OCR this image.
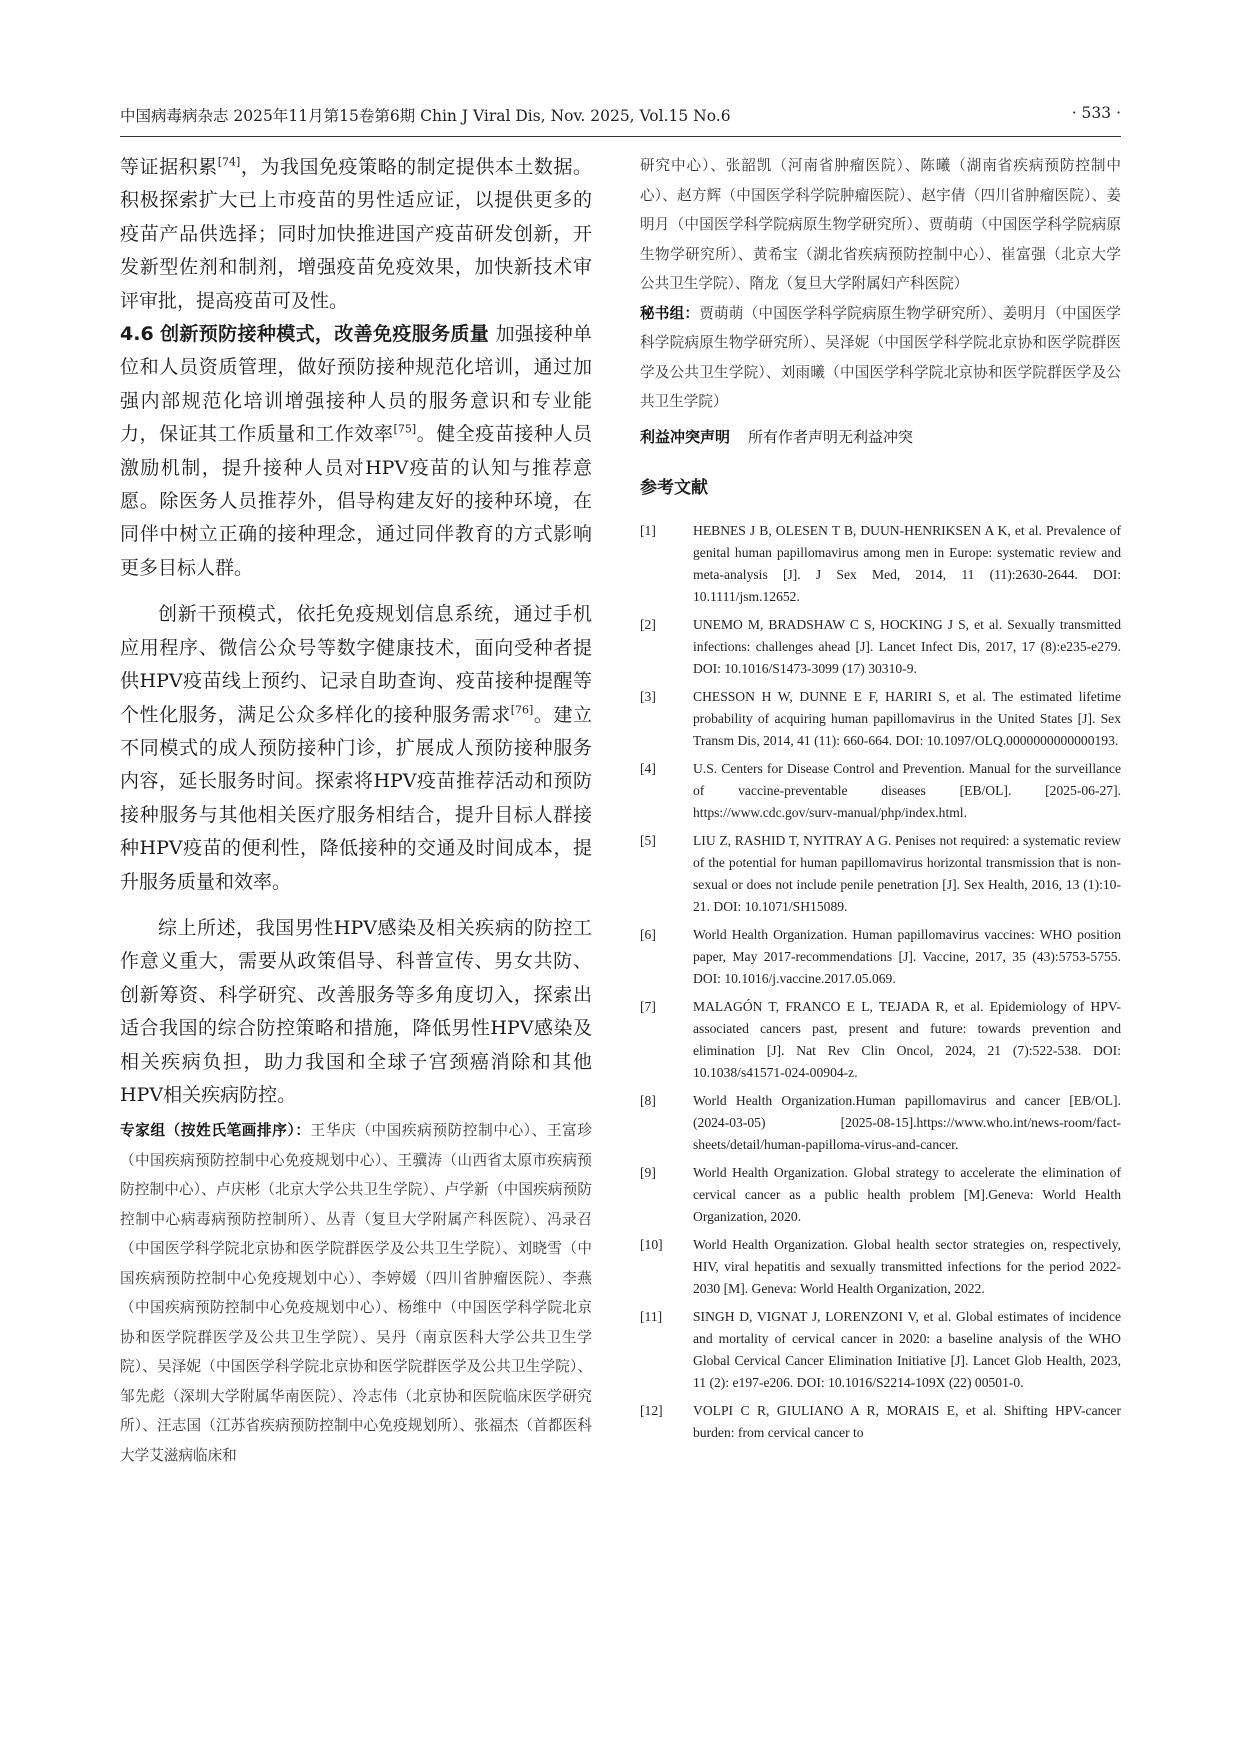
中国病毒病杂志 2025年11月第15卷第6期 Chin J Viral Dis, Nov. 2025, Vol.15 No.6	· 533 ·

等证据积累[74]，为我国免疫策略的制定提供本土数据。积极探索扩大已上市疫苗的男性适应证，以提供更多的疫苗产品供选择；同时加快推进国产疫苗研发创新，开发新型佐剂和制剂，增强疫苗免疫效果，加快新技术审评审批，提高疫苗可及性。

4.6 创新预防接种模式，改善免疫服务质量 加强接种单位和人员资质管理，做好预防接种规范化培训，通过加强内部规范化培训增强接种人员的服务意识和专业能力，保证其工作质量和工作效率[75]。健全疫苗接种人员激励机制，提升接种人员对HPV疫苗的认知与推荐意愿。除医务人员推荐外，倡导构建友好的接种环境，在同伴中树立正确的接种理念，通过同伴教育的方式影响更多目标人群。

创新干预模式，依托免疫规划信息系统，通过手机应用程序、微信公众号等数字健康技术，面向受种者提供HPV疫苗线上预约、记录自助查询、疫苗接种提醒等个性化服务，满足公众多样化的接种服务需求[76]。建立不同模式的成人预防接种门诊，扩展成人预防接种服务内容，延长服务时间。探索将HPV疫苗推荐活动和预防接种服务与其他相关医疗服务相结合，提升目标人群接种HPV疫苗的便利性，降低接种的交通及时间成本，提升服务质量和效率。

综上所述，我国男性HPV感染及相关疾病的防控工作意义重大，需要从政策倡导、科普宣传、男女共防、创新筹资、科学研究、改善服务等多角度切入，探索出适合我国的综合防控策略和措施，降低男性HPV感染及相关疾病负担，助力我国和全球子宫颈癌消除和其他HPV相关疾病防控。

专家组（按姓氏笔画排序）：王华庆（中国疾病预防控制中心）、王富珍（中国疾病预防控制中心免疫规划中心）、王骥涛（山西省太原市疾病预防控制中心）、卢庆彬（北京大学公共卫生学院）、卢学新（中国疾病预防控制中心病毒病预防控制所）、丛青（复旦大学附属产科医院）、冯录召（中国医学科学院北京协和医学院群医学及公共卫生学院）、刘晓雪（中国疾病预防控制中心免疫规划中心）、李婷媛（四川省肿瘤医院）、李燕（中国疾病预防控制中心免疫规划中心）、杨维中（中国医学科学院北京协和医学院群医学及公共卫生学院）、吴丹（南京医科大学公共卫生学院）、吴泽妮（中国医学科学院北京协和医学院群医学及公共卫生学院）、邹先彪（深圳大学附属华南医院）、冷志伟（北京协和医院临床医学研究所）、汪志国（江苏省疾病预防控制中心免疫规划所）、张福杰（首都医科大学艾滋病临床和

研究中心）、张韶凯（河南省肿瘤医院）、陈曦（湖南省疾病预防控制中心）、赵方辉（中国医学科学院肿瘤医院）、赵宇倩（四川省肿瘤医院）、姜明月（中国医学科学院病原生物学研究所）、贾萌萌（中国医学科学院病原生物学研究所）、黄希宝（湖北省疾病预防控制中心）、崔富强（北京大学公共卫生学院）、隋龙（复旦大学附属妇产科医院）

秘书组：贾萌萌（中国医学科学院病原生物学研究所）、姜明月（中国医学科学院病原生物学研究所）、吴泽妮（中国医学科学院北京协和医学院群医学及公共卫生学院）、刘雨曦（中国医学科学院北京协和医学院群医学及公共卫生学院）

利益冲突声明 所有作者声明无利益冲突

参考文献
[1]	HEBNES J B, OLESEN T B, DUUN-HENRIKSEN A K, et al. Prevalence of genital human papillomavirus among men in Europe: systematic review and meta-analysis [J]. J Sex Med, 2014, 11 (11):2630-2644. DOI: 10.1111/jsm.12652.
[2]	UNEMO M, BRADSHAW C S, HOCKING J S, et al. Sexually transmitted infections: challenges ahead [J]. Lancet Infect Dis, 2017, 17 (8):e235-e279. DOI: 10.1016/S1473-3099 (17) 30310-9.
[3]	CHESSON H W, DUNNE E F, HARIRI S, et al. The estimated lifetime probability of acquiring human papillomavirus in the United States [J]. Sex Transm Dis, 2014, 41 (11): 660-664. DOI: 10.1097/OLQ.0000000000000193.
[4]	U.S. Centers for Disease Control and Prevention. Manual for the surveillance of vaccine-preventable diseases [EB/OL]. [2025-06-27]. https://www.cdc.gov/surv-manual/php/index.html.
[5]	LIU Z, RASHID T, NYITRAY A G. Penises not required: a systematic review of the potential for human papillomavirus horizontal transmission that is non-sexual or does not include penile penetration [J]. Sex Health, 2016, 13 (1):10-21. DOI: 10.1071/SH15089.
[6]	World Health Organization. Human papillomavirus vaccines: WHO position paper, May 2017-recommendations [J]. Vaccine, 2017, 35 (43):5753-5755. DOI: 10.1016/j.vaccine.2017.05.069.
[7]	MALAGÓN T, FRANCO E L, TEJADA R, et al. Epidemiology of HPV-associated cancers past, present and future: towards prevention and elimination [J]. Nat Rev Clin Oncol, 2024, 21 (7):522-538. DOI: 10.1038/s41571-024-00904-z.
[8]	World Health Organization.Human papillomavirus and cancer [EB/OL]. (2024-03-05) [2025-08-15].https://www.who.int/news-room/fact-sheets/detail/human-papilloma-virus-and-cancer.
[9]	World Health Organization. Global strategy to accelerate the elimination of cervical cancer as a public health problem [M].Geneva: World Health Organization, 2020.
[10]	World Health Organization. Global health sector strategies on, respectively, HIV, viral hepatitis and sexually transmitted infections for the period 2022-2030 [M]. Geneva: World Health Organization, 2022.
[11]	SINGH D, VIGNAT J, LORENZONI V, et al. Global estimates of incidence and mortality of cervical cancer in 2020: a baseline analysis of the WHO Global Cervical Cancer Elimination Initiative [J]. Lancet Glob Health, 2023, 11 (2): e197-e206. DOI: 10.1016/S2214-109X (22) 00501-0.
[12]	VOLPI C R, GIULIANO A R, MORAIS E, et al. Shifting HPV-cancer burden: from cervical cancer to
